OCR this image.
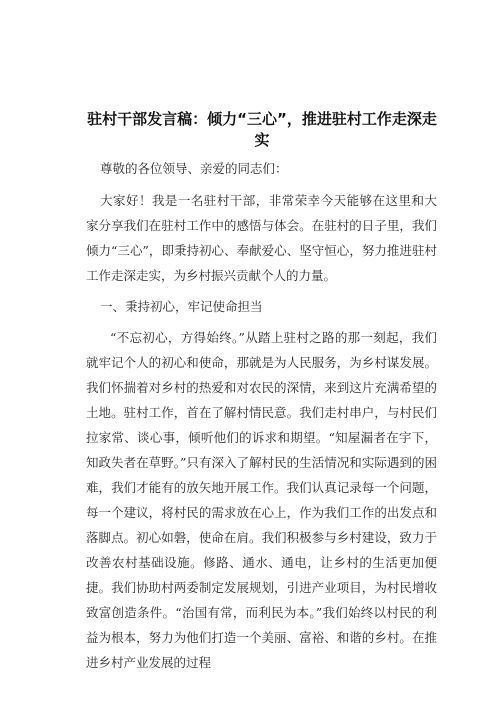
驻村干部发言稿：倾力“三心”，推进驻村工作走深走实

尊敬的各位领导、亲爱的同志们：

大家好！我是一名驻村干部，非常荣幸今天能够在这里和大家分享我们在驻村工作中的感悟与体会。在驻村的日子里，我们倾力“三心”，即秉持初心、奉献爱心、坚守恒心，努力推进驻村工作走深走实，为乡村振兴贡献个人的力量。

一、秉持初心，牢记使命担当

“不忘初心，方得始终。”从踏上驻村之路的那一刻起，我们就牢记个人的初心和使命，那就是为人民服务，为乡村谋发展。我们怀揣着对乡村的热爱和对农民的深情，来到这片充满希望的土地。驻村工作，首在了解村情民意。我们走村串户，与村民们拉家常、谈心事，倾听他们的诉求和期望。“知屋漏者在宇下，知政失者在草野。”只有深入了解村民的生活情况和实际遇到的困难，我们才能有的放矢地开展工作。我们认真记录每一个问题，每一个建议，将村民的需求放在心上，作为我们工作的出发点和落脚点。初心如磐，使命在肩。我们积极参与乡村建设，致力于改善农村基础设施。修路、通水、通电，让乡村的生活更加便捷。我们协助村两委制定发展规划，引进产业项目，为村民增收致富创造条件。“治国有常，而利民为本。”我们始终以村民的利益为根本，努力为他们打造一个美丽、富裕、和谐的乡村。在推进乡村产业发展的过程
